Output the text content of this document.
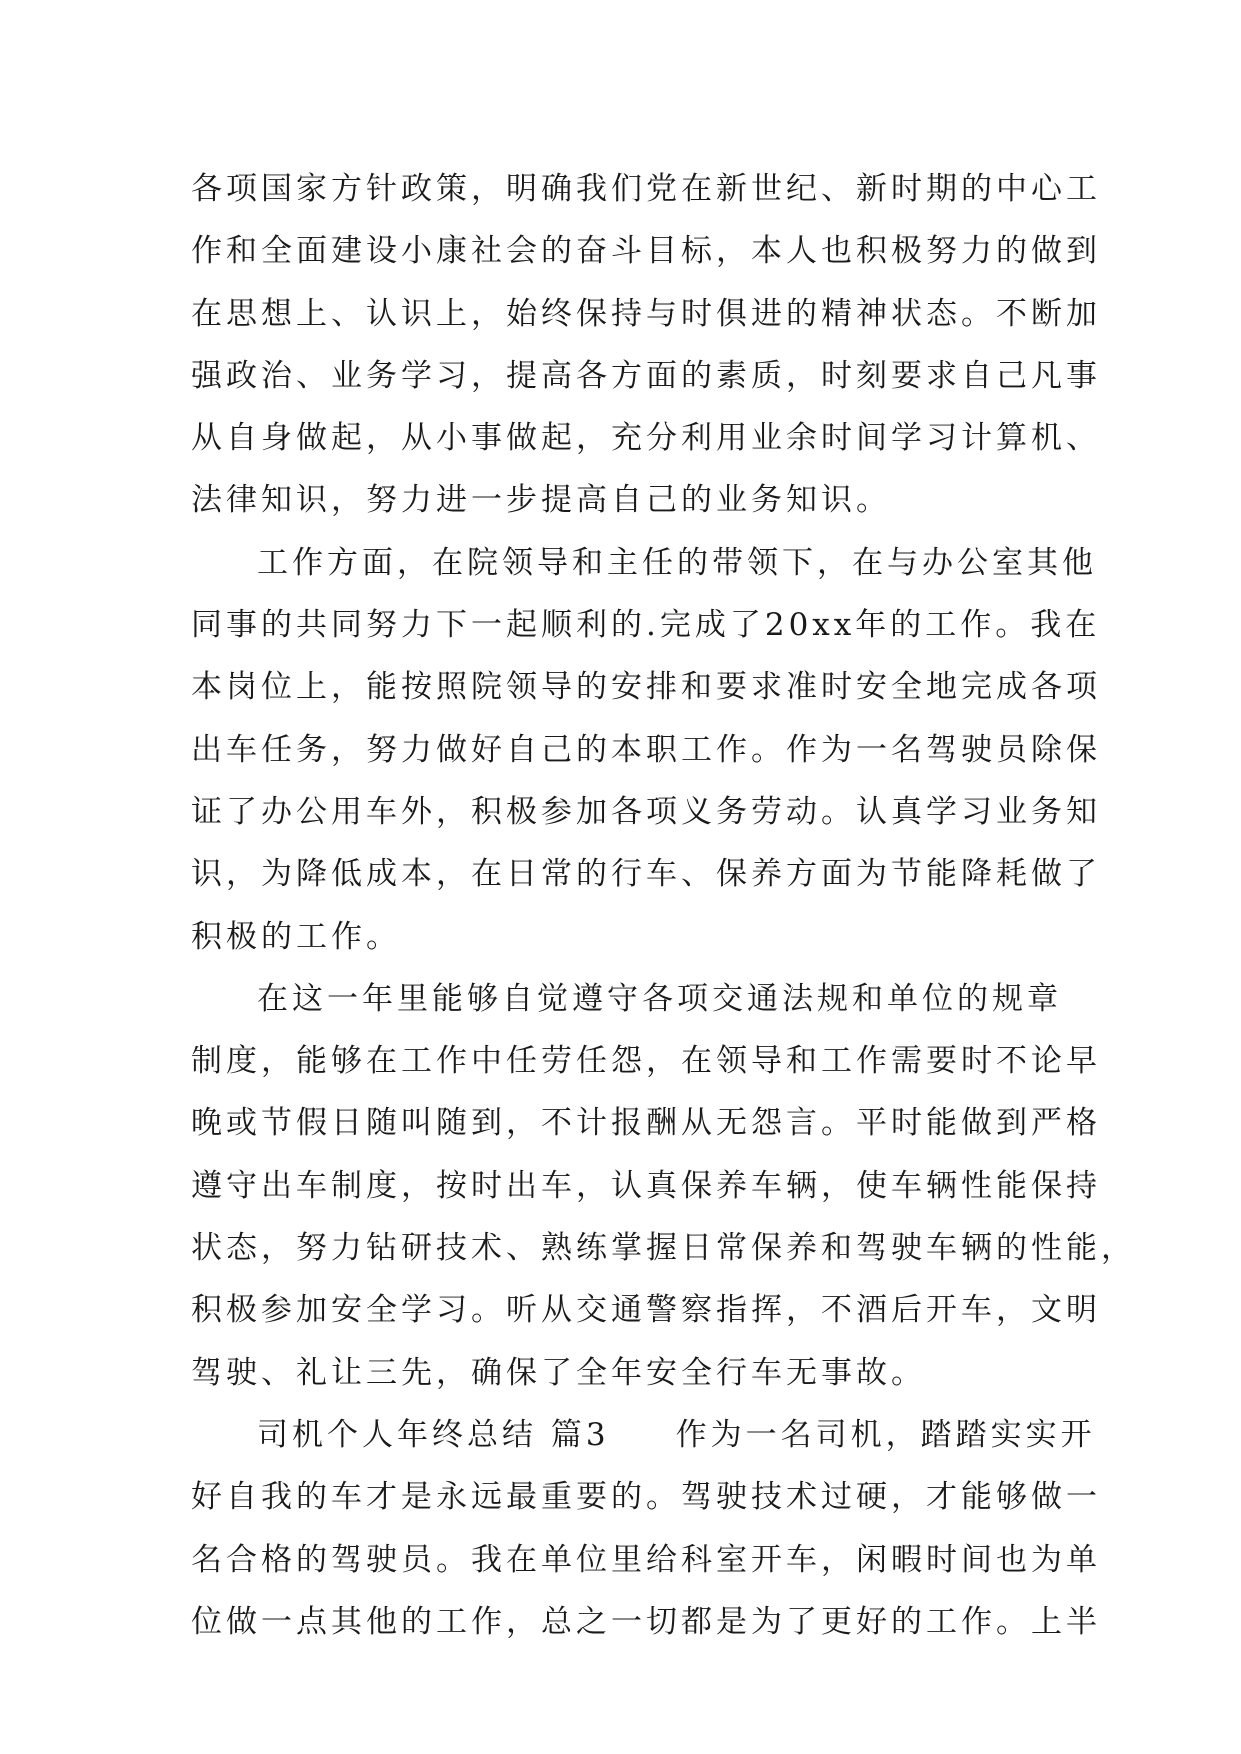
各项国家方针政策，明确我们党在新世纪、新时期的中心工
作和全面建设小康社会的奋斗目标，本人也积极努力的做到
在思想上、认识上，始终保持与时俱进的精神状态。不断加
强政治、业务学习，提高各方面的素质，时刻要求自己凡事
从自身做起，从小事做起，充分利用业余时间学习计算机、
法律知识，努力进一步提高自己的业务知识。
工作方面，在院领导和主任的带领下，在与办公室其他
同事的共同努力下一起顺利的.完成了20xx年的工作。我在
本岗位上，能按照院领导的安排和要求准时安全地完成各项
出车任务，努力做好自己的本职工作。作为一名驾驶员除保
证了办公用车外，积极参加各项义务劳动。认真学习业务知
识，为降低成本，在日常的行车、保养方面为节能降耗做了
积极的工作。
在这一年里能够自觉遵守各项交通法规和单位的规章
制度，能够在工作中任劳任怨，在领导和工作需要时不论早
晚或节假日随叫随到，不计报酬从无怨言。平时能做到严格
遵守出车制度，按时出车，认真保养车辆，使车辆性能保持
状态，努力钻研技术、熟练掌握日常保养和驾驶车辆的性能，
积极参加安全学习。听从交通警察指挥，不酒后开车，文明
驾驶、礼让三先，确保了全年安全行车无事故。
司机个人年终总结 篇3 作为一名司机，踏踏实实开
好自我的车才是永远最重要的。驾驶技术过硬，才能够做一
名合格的驾驶员。我在单位里给科室开车，闲暇时间也为单
位做一点其他的工作，总之一切都是为了更好的工作。上半
